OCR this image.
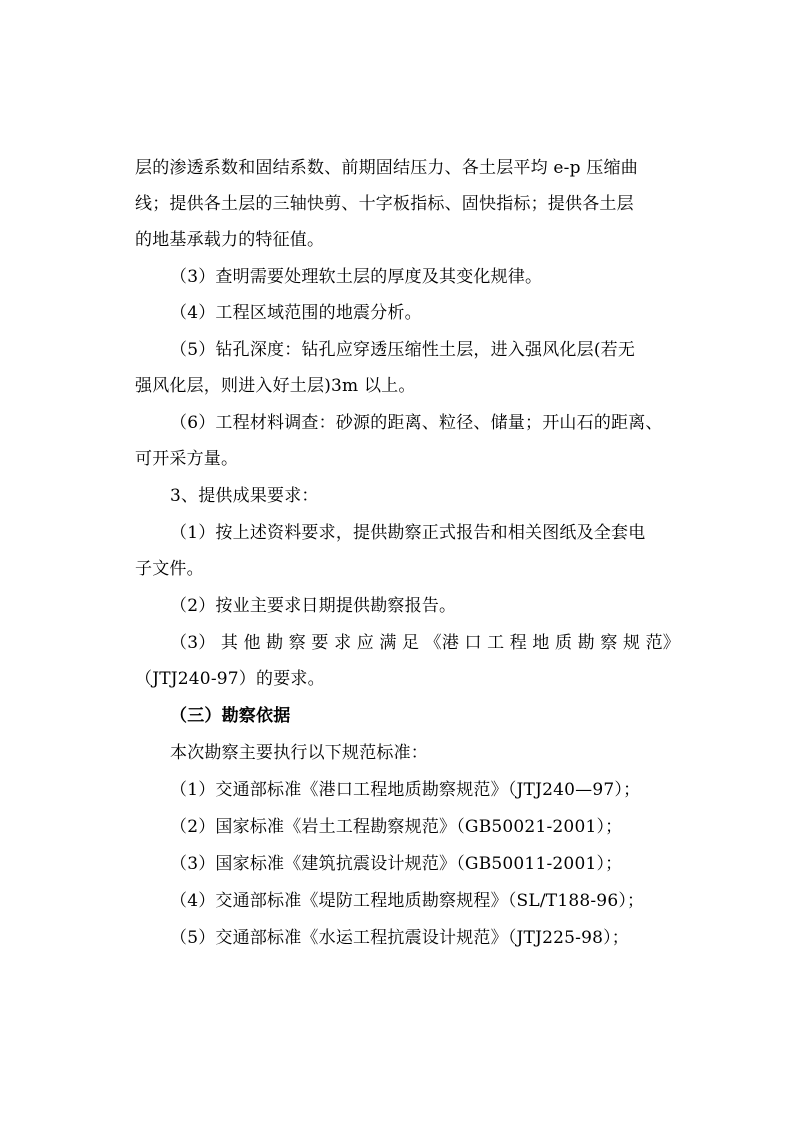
层的渗透系数和固结系数、前期固结压力、各土层平均 e-p 压缩曲
线；提供各土层的三轴快剪、十字板指标、固快指标；提供各土层
的地基承载力的特征值。
（3）查明需要处理软土层的厚度及其变化规律。
（4）工程区域范围的地震分析。
（5）钻孔深度：钻孔应穿透压缩性土层，进入强风化层(若无
强风化层，则进入好土层)3m 以上。
（6）工程材料调查：砂源的距离、粒径、储量；开山石的距离、
可开采方量。
3、提供成果要求：
（1）按上述资料要求，提供勘察正式报告和相关图纸及全套电
子文件。
（2）按业主要求日期提供勘察报告。
（3） 其 他 勘 察 要 求 应 满 足 《港 口 工 程 地 质 勘 察 规 范》
（JTJ240-97）的要求。
（三）勘察依据
本次勘察主要执行以下规范标准：
（1）交通部标准《港口工程地质勘察规范》（JTJ240—97）；
（2）国家标准《岩土工程勘察规范》（GB50021-2001）；
（3）国家标准《建筑抗震设计规范》（GB50011-2001）；
（4）交通部标准《堤防工程地质勘察规程》（SL/T188-96）；
（5）交通部标准《水运工程抗震设计规范》（JTJ225-98）；
